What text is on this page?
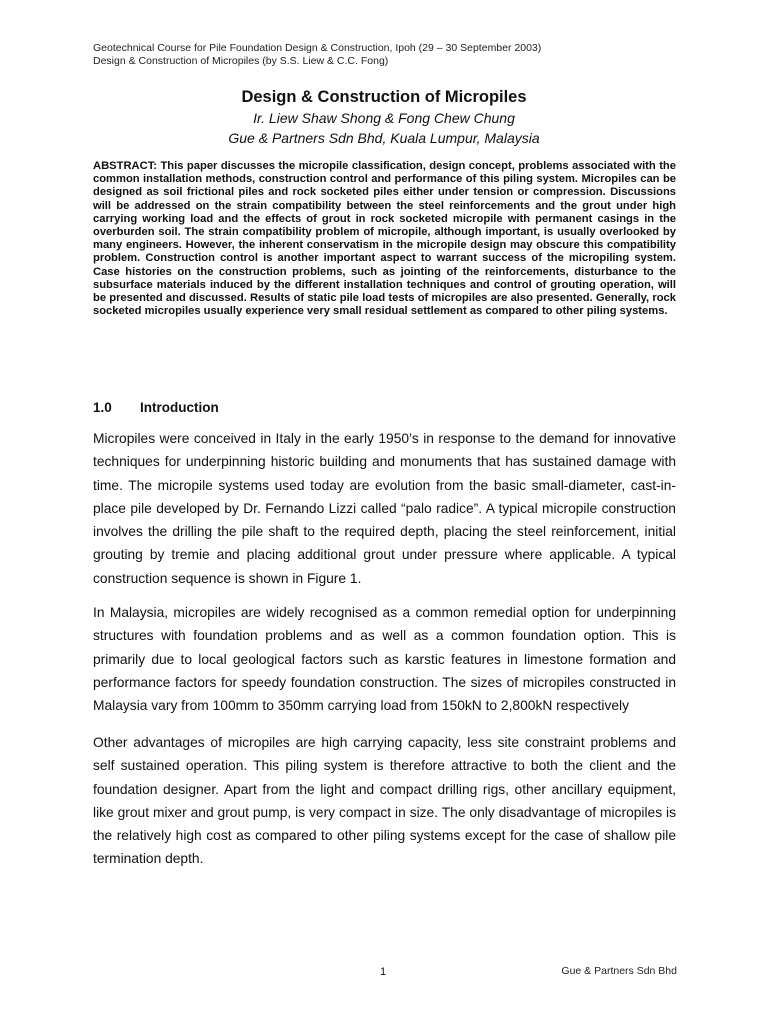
Geotechnical Course for Pile Foundation Design & Construction, Ipoh (29 – 30 September 2003)
Design & Construction of Micropiles (by S.S. Liew & C.C. Fong)
Design & Construction of Micropiles
Ir. Liew Shaw Shong & Fong Chew Chung
Gue & Partners Sdn Bhd, Kuala Lumpur, Malaysia

ABSTRACT: This paper discusses the micropile classification, design concept, problems associated with the common installation methods, construction control and performance of this piling system. Micropiles can be designed as soil frictional piles and rock socketed piles either under tension or compression. Discussions will be addressed on the strain compatibility between the steel reinforcements and the grout under high carrying working load and the effects of grout in rock socketed micropile with permanent casings in the overburden soil. The strain compatibility problem of micropile, although important, is usually overlooked by many engineers. However, the inherent conservatism in the micropile design may obscure this compatibility problem. Construction control is another important aspect to warrant success of the micropiling system. Case histories on the construction problems, such as jointing of the reinforcements, disturbance to the subsurface materials induced by the different installation techniques and control of grouting operation, will be presented and discussed. Results of static pile load tests of micropiles are also presented. Generally, rock socketed micropiles usually experience very small residual settlement as compared to other piling systems.

1.0 Introduction

Micropiles were conceived in Italy in the early 1950’s in response to the demand for innovative techniques for underpinning historic building and monuments that has sustained damage with time. The micropile systems used today are evolution from the basic small-diameter, cast-in-place pile developed by Dr. Fernando Lizzi called “palo radice”. A typical micropile construction involves the drilling the pile shaft to the required depth, placing the steel reinforcement, initial grouting by tremie and placing additional grout under pressure where applicable. A typical construction sequence is shown in Figure 1.

In Malaysia, micropiles are widely recognised as a common remedial option for underpinning structures with foundation problems and as well as a common foundation option. This is primarily due to local geological factors such as karstic features in limestone formation and performance factors for speedy foundation construction. The sizes of micropiles constructed in Malaysia vary from 100mm to 350mm carrying load from 150kN to 2,800kN respectively

Other advantages of micropiles are high carrying capacity, less site constraint problems and self sustained operation. This piling system is therefore attractive to both the client and the foundation designer. Apart from the light and compact drilling rigs, other ancillary equipment, like grout mixer and grout pump, is very compact in size. The only disadvantage of micropiles is the relatively high cost as compared to other piling systems except for the case of shallow pile termination depth.

1	Gue & Partners Sdn Bhd
